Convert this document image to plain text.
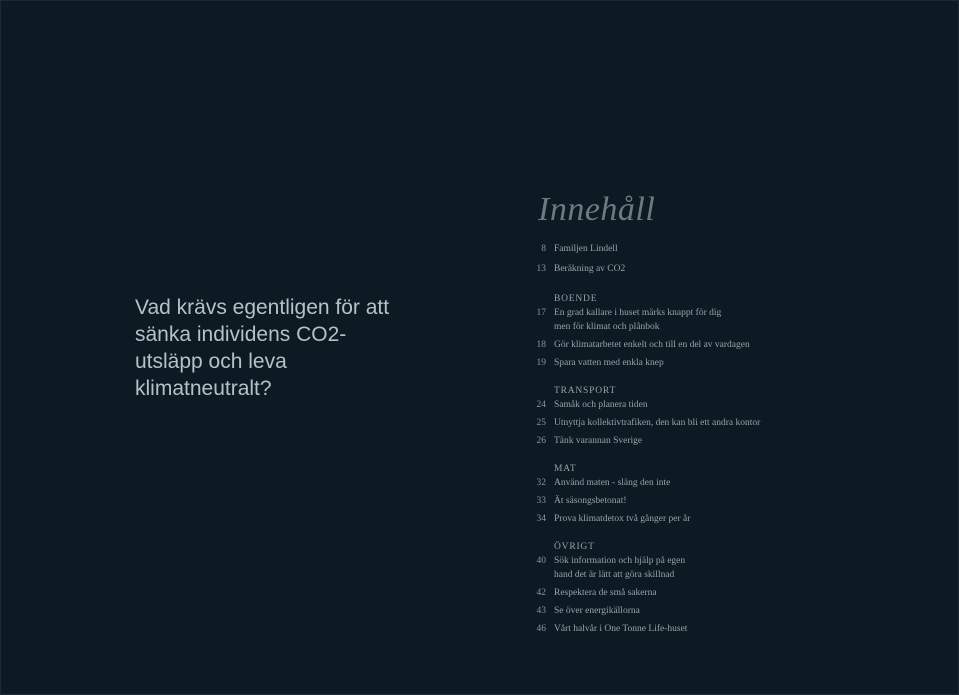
Vad krävs egentligen för att sänka individens CO2-utsläpp och leva klimatneutralt?

Innehåll
8 Familjen Lindell
13 Beräkning av CO2
BOENDE
17 En grad kallare i huset märks knappt för dig
men för klimat och plånbok
18 Gör klimatarbetet enkelt och till en del av vardagen
19 Spara vatten med enkla knep
TRANSPORT
24 Samåk och planera tiden
25 Utnyttja kollektivtrafiken, den kan bli ett andra kontor
26 Tänk varannan Sverige
MAT
32 Använd maten - släng den inte
33 Ät säsongsbetonat!
34 Prova klimatdetox två gånger per år
ÖVRIGT
40 Sök information och hjälp på egen
hand det är lätt att göra skillnad
42 Respektera de små sakerna
43 Se över energikällorna
46 Vårt halvår i One Tonne Life-huset
